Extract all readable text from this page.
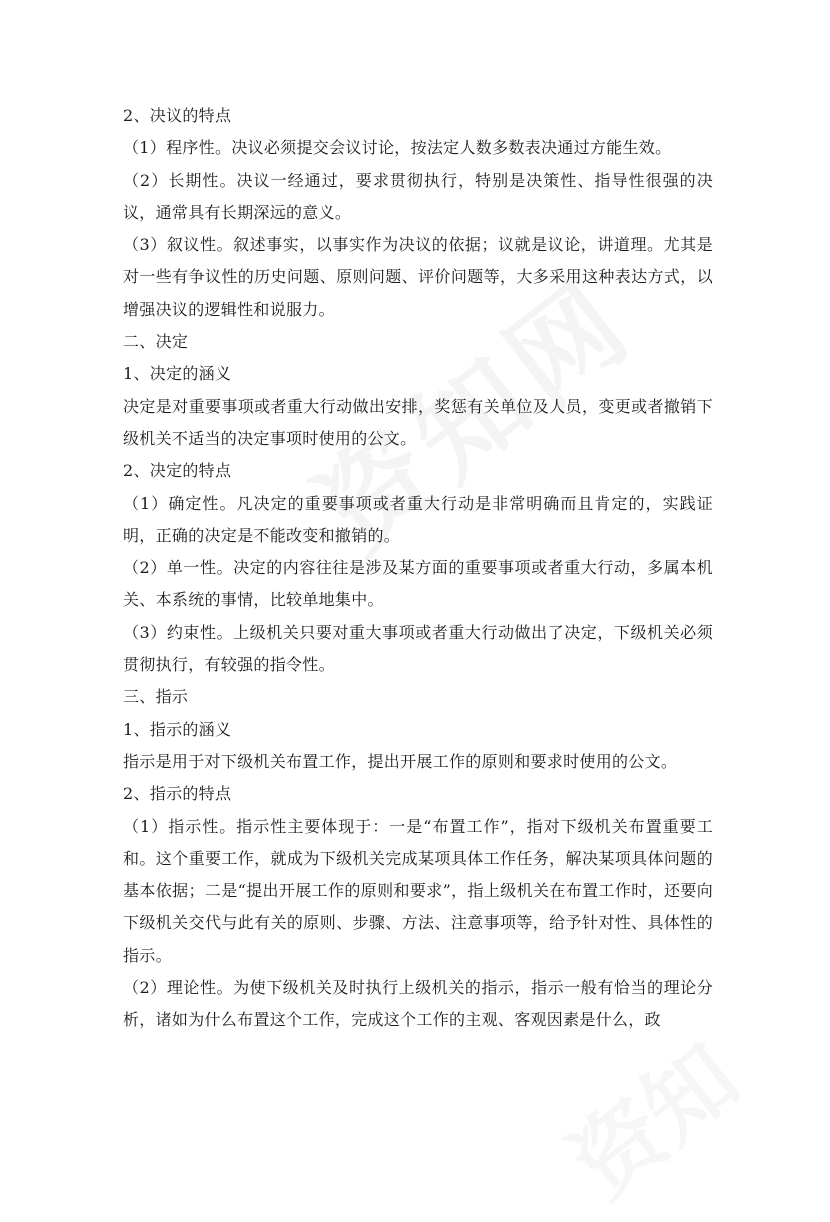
2、决议的特点

（1）程序性。决议必须提交会议讨论，按法定人数多数表决通过方能生效。

（2）长期性。决议一经通过，要求贯彻执行，特别是决策性、指导性很强的决议，通常具有长期深远的意义。

（3）叙议性。叙述事实，以事实作为决议的依据；议就是议论，讲道理。尤其是对一些有争议性的历史问题、原则问题、评价问题等，大多采用这种表达方式，以增强决议的逻辑性和说服力。

二、决定

1、决定的涵义

决定是对重要事项或者重大行动做出安排，奖惩有关单位及人员，变更或者撤销下级机关不适当的决定事项时使用的公文。

2、决定的特点

（1）确定性。凡决定的重要事项或者重大行动是非常明确而且肯定的，实践证明，正确的决定是不能改变和撤销的。

（2）单一性。决定的内容往往是涉及某方面的重要事项或者重大行动，多属本机关、本系统的事情，比较单地集中。

（3）约束性。上级机关只要对重大事项或者重大行动做出了决定，下级机关必须贯彻执行，有较强的指令性。

三、指示

1、指示的涵义

指示是用于对下级机关布置工作，提出开展工作的原则和要求时使用的公文。

2、指示的特点

（1）指示性。指示性主要体现于：一是“布置工作”，指对下级机关布置重要工和。这个重要工作，就成为下级机关完成某项具体工作任务，解决某项具体问题的基本依据；二是“提出开展工作的原则和要求”，指上级机关在布置工作时，还要向下级机关交代与此有关的原则、步骤、方法、注意事项等，给予针对性、具体性的指示。

（2）理论性。为使下级机关及时执行上级机关的指示，指示一般有恰当的理论分析，诸如为什么布置这个工作，完成这个工作的主观、客观因素是什么，政
